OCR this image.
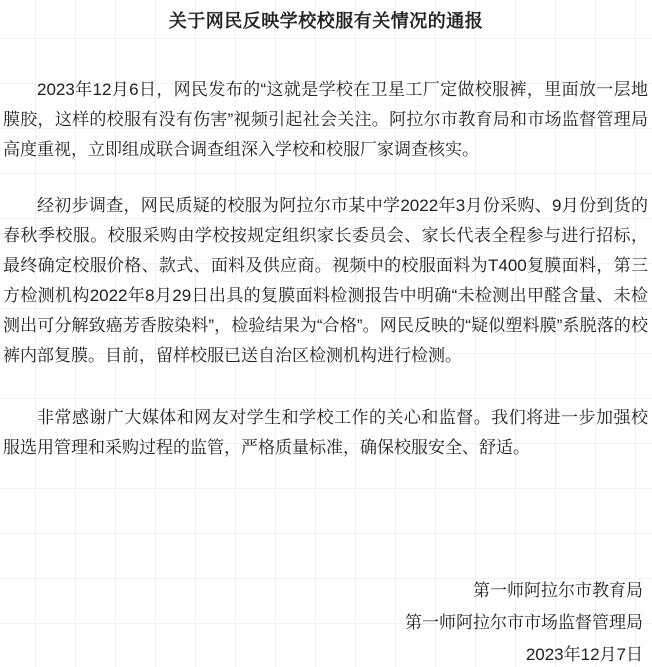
关于网民反映学校校服有关情况的通报

2023年12月6日，网民发布的“这就是学校在卫星工厂定做校服裤，里面放一层地膜胶，这样的校服有没有伤害”视频引起社会关注。阿拉尔市教育局和市场监督管理局高度重视，立即组成联合调查组深入学校和校服厂家调查核实。

经初步调查，网民质疑的校服为阿拉尔市某中学2022年3月份采购、9月份到货的春秋季校服。校服采购由学校按规定组织家长委员会、家长代表全程参与进行招标，最终确定校服价格、款式、面料及供应商。视频中的校服面料为T400复膜面料，第三方检测机构2022年8月29日出具的复膜面料检测报告中明确“未检测出甲醛含量、未检测出可分解致癌芳香胺染料”，检验结果为“合格”。网民反映的“疑似塑料膜”系脱落的校裤内部复膜。目前，留样校服已送自治区检测机构进行检测。

非常感谢广大媒体和网友对学生和学校工作的关心和监督。我们将进一步加强校服选用管理和采购过程的监管，严格质量标准，确保校服安全、舒适。

第一师阿拉尔市教育局
第一师阿拉尔市市场监督管理局
2023年12月7日
